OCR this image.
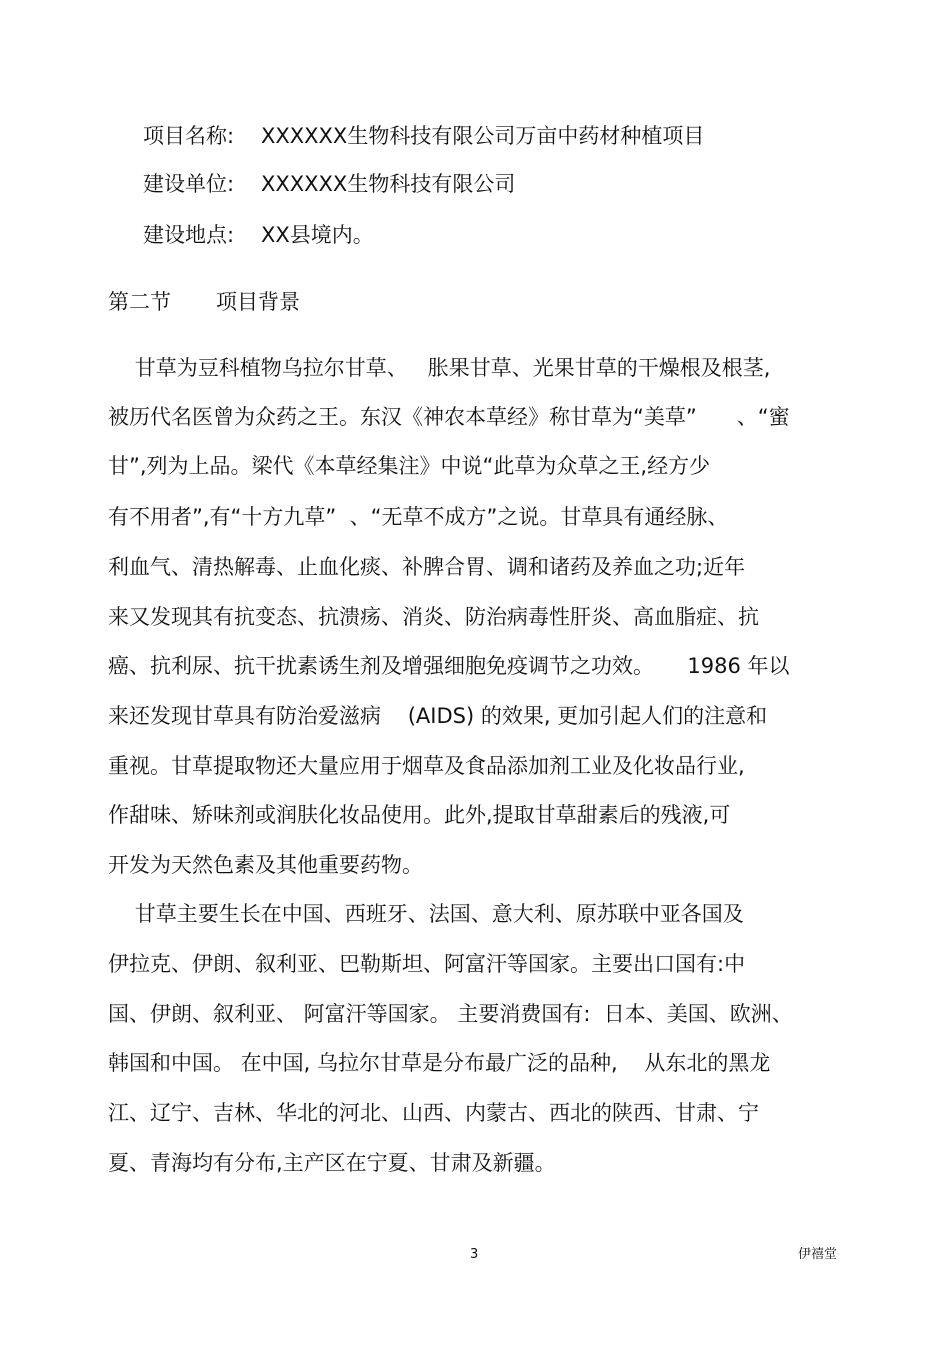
项目名称: XXXXXX生物科技有限公司万亩中药材种植项目
建设单位: XXXXXX生物科技有限公司
建设地点: XX县境内。
第二节 项目背景
甘草为豆科植物乌拉尔甘草、   胀果甘草、光果甘草的干燥根及根茎,
被历代名医曾为众药之王。东汉《神农本草经》称甘草为“美草”      、“蜜
甘”,列为上品。梁代《本草经集注》中说“此草为众草之王,经方少
有不用者”,有“十方九草”  、“无草不成方”之说。甘草具有通经脉、
利血气、清热解毒、止血化痰、补脾合胃、调和诸药及养血之功;近年
来又发现其有抗变态、抗溃疡、消炎、防治病毒性肝炎、高血脂症、抗
癌、抗利尿、抗干扰素诱生剂及增强细胞免疫调节之功效。     1986 年以
来还发现甘草具有防治爱滋病    (AIDS) 的效果, 更加引起人们的注意和
重视。甘草提取物还大量应用于烟草及食品添加剂工业及化妆品行业,
作甜味、矫味剂或润肤化妆品使用。此外,提取甘草甜素后的残液,可
开发为天然色素及其他重要药物。
甘草主要生长在中国、西班牙、法国、意大利、原苏联中亚各国及
伊拉克、伊朗、叙利亚、巴勒斯坦、阿富汗等国家。主要出口国有:中
国、伊朗、叙利亚、 阿富汗等国家。 主要消费国有:  日本、美国、欧洲、
韩国和中国。 在中国, 乌拉尔甘草是分布最广泛的品种,    从东北的黑龙
江、辽宁、吉林、华北的河北、山西、内蒙古、西北的陕西、甘肃、宁
夏、青海均有分布,主产区在宁夏、甘肃及新疆。
3	伊禧堂
